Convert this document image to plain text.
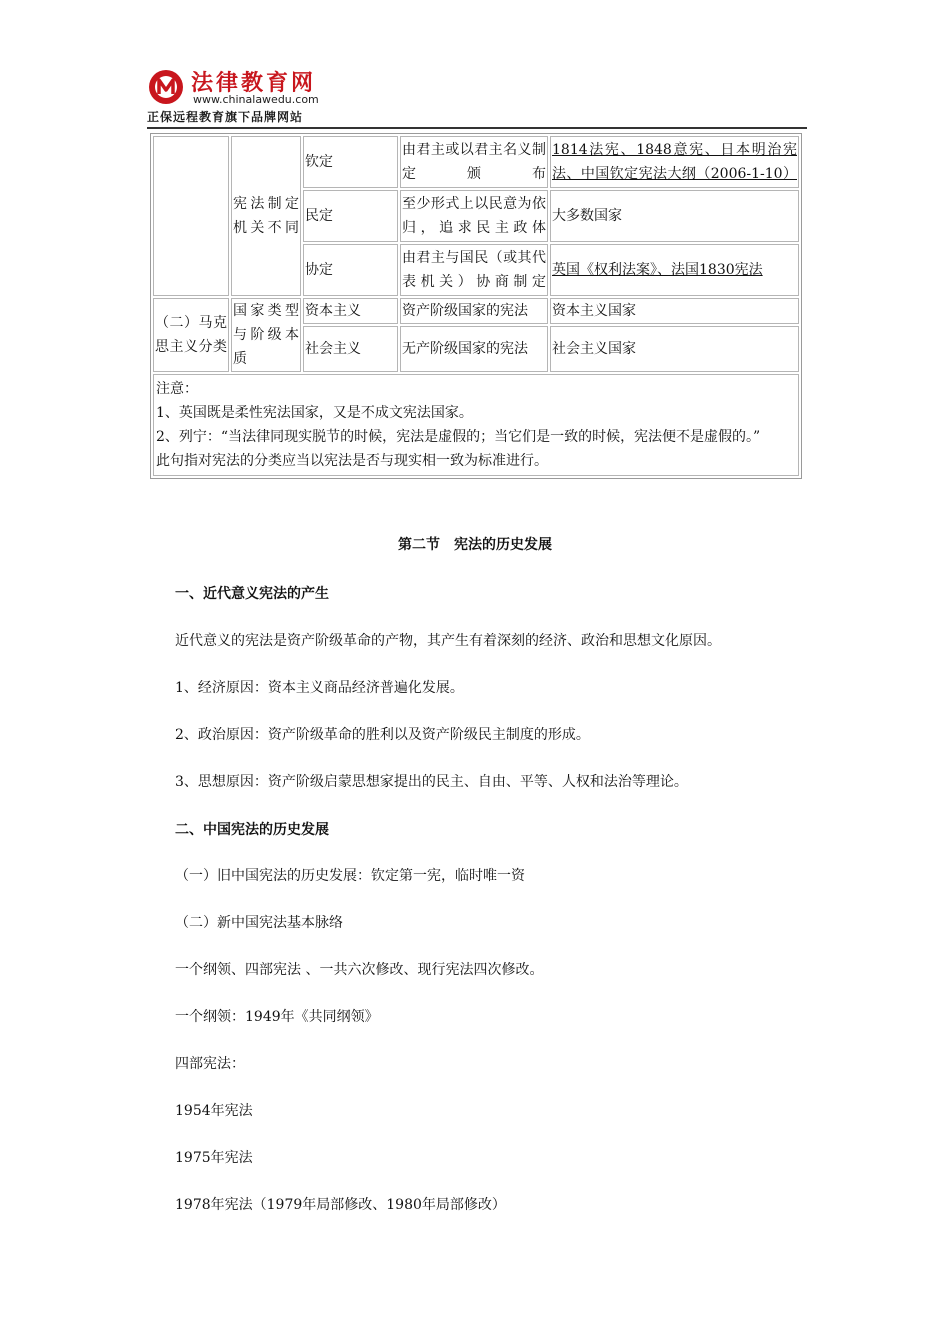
法律教育网
www.chinalawedu.com
正保远程教育旗下品牌网站
	宪法制定机关不同	钦定	由君主或以君主名义制定颁布	1814法宪、1848意宪、日本明治宪法、中国钦定宪法大纲（2006-1-10）
		民定	至少形式上以民意为依归，追求民主政体	大多数国家
		协定	由君主与国民（或其代表机关）协商制定	英国《权利法案》、法国1830宪法
（二）马克思主义分类	国家类型与阶级本质	资本主义	资产阶级国家的宪法	资本主义国家
		社会主义	无产阶级国家的宪法	社会主义国家

注意：
1、英国既是柔性宪法国家，又是不成文宪法国家。
2、列宁：“当法律同现实脱节的时候，宪法是虚假的；当它们是一致的时候，宪法便不是虚假的。”
此句指对宪法的分类应当以宪法是否与现实相一致为标准进行。				
第二节　宪法的历史发展
一、近代意义宪法的产生
近代意义的宪法是资产阶级革命的产物，其产生有着深刻的经济、政治和思想文化原因。
1、经济原因：资本主义商品经济普遍化发展。
2、政治原因：资产阶级革命的胜利以及资产阶级民主制度的形成。
3、思想原因：资产阶级启蒙思想家提出的民主、自由、平等、人权和法治等理论。
二、中国宪法的历史发展
（一）旧中国宪法的历史发展：钦定第一宪，临时唯一资
（二）新中国宪法基本脉络
一个纲领、四部宪法 、一共六次修改、现行宪法四次修改。
一个纲领：1949年《共同纲领》
四部宪法：
1954年宪法
1975年宪法
1978年宪法（1979年局部修改、1980年局部修改）
